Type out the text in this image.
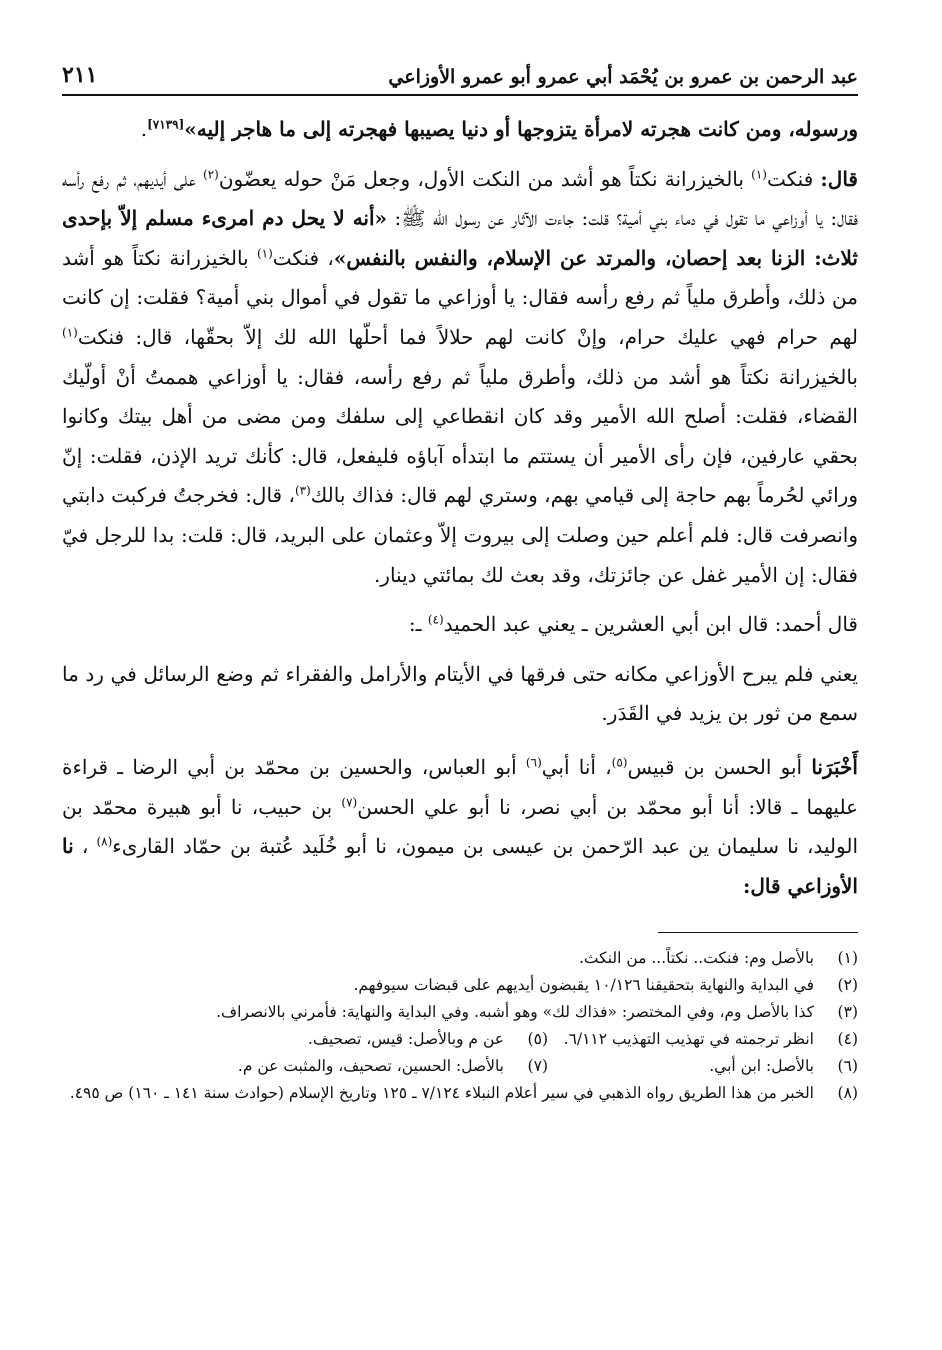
عبد الرحمن بن عمرو بن يُحْمَد أبي عمرو أبو عمرو الأوزاعي
٢١١

ورسوله، ومن كانت هجرته لامرأة يتزوجها أو دنيا يصيبها فهجرته إلى ما هاجر إليه»[٧١٣٩].

قال: فنكت$^{(١)}$ بالخيزرانة نكتاً هو أشد من النكت الأول، وجعل مَنْ حوله يعضّون$^{(٢)}$ على أيديهم، ثم رفع رأسه فقال: يا أوزاعي ما تقول في دماء بني أمية؟ قلت: جاءت الآثار عن رسول الله ﷺ: «أنه لا يحل دم امرىء مسلم إلاّ بإحدى ثلاث: الزنا بعد إحصان، والمرتد عن الإسلام، والنفس بالنفس»، فنكت$^{(١)}$ بالخيزرانة نكتاً هو أشد من ذلك، وأطرق ملياً ثم رفع رأسه فقال: يا أوزاعي ما تقول في أموال بني أمية؟ فقلت: إن كانت لهم حرام فهي عليك حرام، وإنْ كانت لهم حلالاً فما أحلّها الله لك إلاّ بحقّها، قال: فنكت$^{(١)}$ بالخيزرانة نكتاً هو أشد من ذلك، وأطرق ملياً ثم رفع رأسه، فقال: يا أوزاعي هممتُ أنْ أولّيك القضاء، فقلت: أصلح الله الأمير وقد كان انقطاعي إلى سلفك ومن مضى من أهل بيتك وكانوا بحقي عارفين، فإن رأى الأمير أن يستتم ما ابتدأه آباؤه فليفعل، قال: كأنك تريد الإذن، فقلت: إنّ ورائي لحُرماً بهم حاجة إلى قيامي بهم، وستري لهم قال: فذاك بالك$^{(٣)}$، قال: فخرجتُ فركبت دابتي وانصرفت قال: فلم أعلم حين وصلت إلى بيروت إلاّ وعثمان على البريد، قال: قلت: بدا للرجل فيّ فقال: إن الأمير غفل عن جائزتك، وقد بعث لك بمائتي دينار.

قال أحمد: قال ابن أبي العشرين ـ يعني عبد الحميد$^{(٤)}$ ـ:

يعني فلم يبرح الأوزاعي مكانه حتى فرقها في الأيتام والأرامل والفقراء ثم وضع الرسائل في رد ما سمع من ثور بن يزيد في القَدَر.

أَخْبَرَنا أبو الحسن بن قبيس$^{(٥)}$، أنا أبي$^{(٦)}$ أبو العباس، والحسين بن محمّد بن أبي الرضا ـ قراءة عليهما ـ قالا: أنا أبو محمّد بن أبي نصر، نا أبو علي الحسن$^{(٧)}$ بن حبيب، نا أبو هبيرة محمّد بن الوليد، نا سليمان ين عبد الرّحمن بن عيسى بن ميمون، نا أبو خُلَيد عُتبة بن حمّاد القارىء$^{(٨)}$ ، نا الأوزاعي قال:

(١)
بالأصل وم: فنكت.. نكتاً... من النكث.
(٢)
في البداية والنهاية بتحقيقنا ١٠/١٢٦ يقبضون أيديهم على قبضات سيوفهم.
(٣)
كذا بالأصل وم، وفي المختصر: «فذاك لك» وهو أشبه. وفي البداية والنهاية: فأمرني بالانصراف.
(٤)
انظر ترجمته في تهذيب التهذيب ٦/١١٢.
(٥)
عن م وبالأصل: قيس، تصحيف.
(٦)
بالأصل: ابن أبي.
(٧)
بالأصل: الحسين، تصحيف، والمثبت عن م.
(٨)
الخبر من هذا الطريق رواه الذهبي في سير أعلام النبلاء ٧/١٢٤ ـ ١٢٥ وتاريخ الإسلام (حوادث سنة ١٤١ ـ ١٦٠) ص ٤٩٥.
